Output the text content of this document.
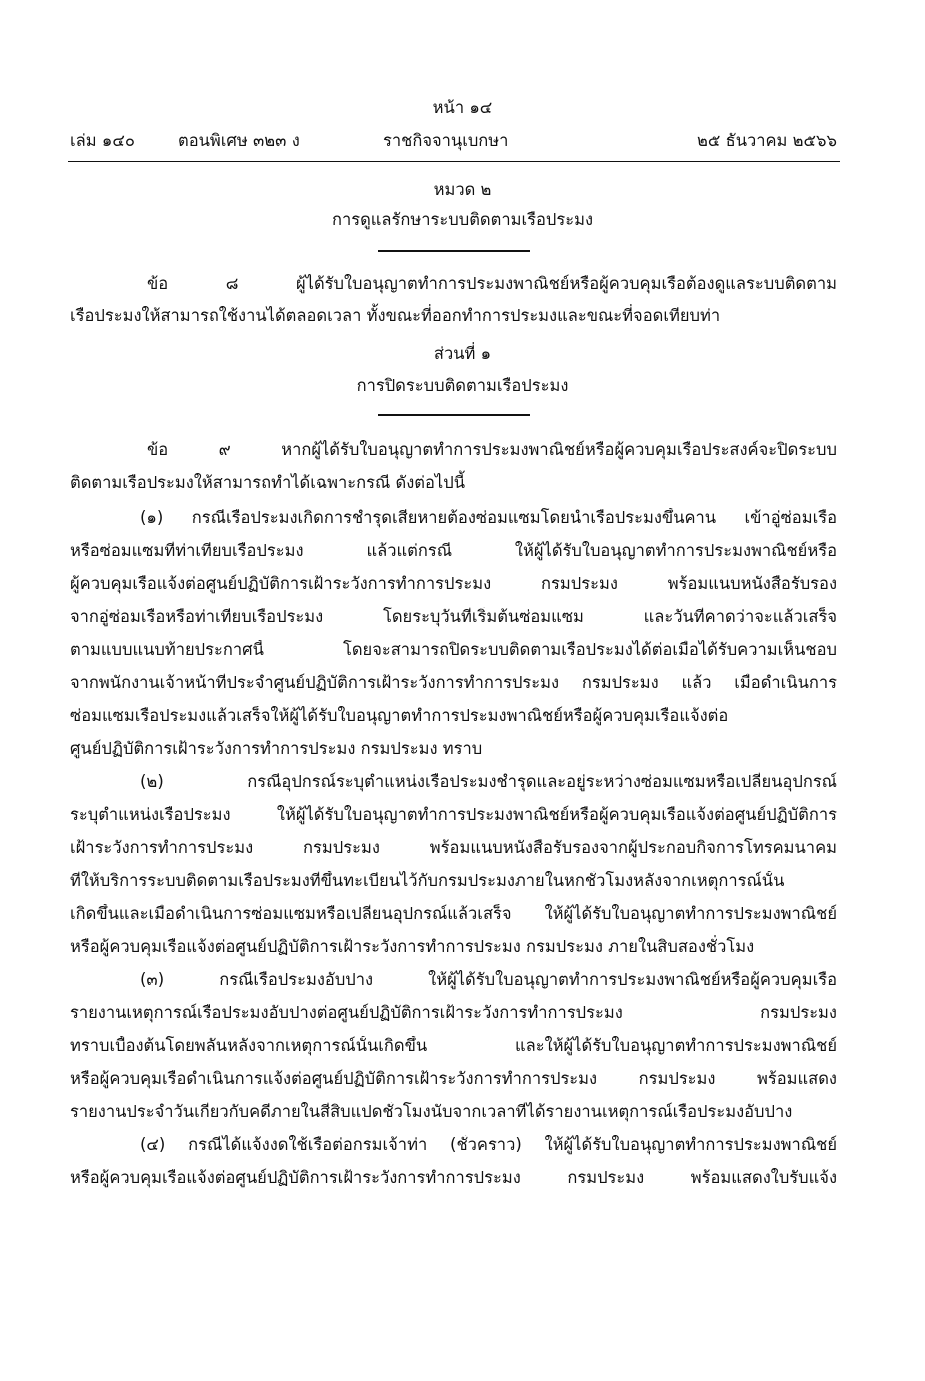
หน้า ๑๔
เล่ม ๑๔๐	ตอนพิเศษ ๓๒๓ ง	ราชกิจจานุเบกษา	๒๕ ธันวาคม ๒๕๖๖
หมวด ๒
การดูแลรักษาระบบติดตามเรือประมง
ข้อ ๘ ผู้ได้รับใบอนุญาตทำการประมงพาณิชย์หรือผู้ควบคุมเรือต้องดูแลระบบติดตาม
เรือประมงให้สามารถใช้งานได้ตลอดเวลา ทั้งขณะที่ออกทำการประมงและขณะที่จอดเทียบท่า
ส่วนที่ ๑
การปิดระบบติดตามเรือประมง
ข้อ ๙ หากผู้ได้รับใบอนุญาตทำการประมงพาณิชย์หรือผู้ควบคุมเรือประสงค์จะปิดระบบ
ติดตามเรือประมงให้สามารถทำได้เฉพาะกรณี ดังต่อไปนี้
(๑) กรณีเรือประมงเกิดการชำรุดเสียหายต้องซ่อมแซมโดยนำเรือประมงขึ้นคาน เข้าอู่ซ่อมเรือ
หรือซ่อมแซมที่ท่าเทียบเรือประมง แล้วแต่กรณี ให้ผู้ได้รับใบอนุญาตทำการประมงพาณิชย์หรือ
ผู้ควบคุมเรือแจ้งต่อศูนย์ปฏิบัติการเฝ้าระวังการทำการประมง กรมประมง พร้อมแนบหนังสือรับรอง
จากอู่ซ่อมเรือหรือท่าเทียบเรือประมง โดยระบุวันที่เริ่มต้นซ่อมแซม และวันที่คาดว่าจะแล้วเสร็จ
ตามแบบแนบท้ายประกาศนี้ โดยจะสามารถปิดระบบติดตามเรือประมงได้ต่อเมื่อได้รับความเห็นชอบ
จากพนักงานเจ้าหน้าที่ประจำศูนย์ปฏิบัติการเฝ้าระวังการทำการประมง กรมประมง แล้ว เมื่อดำเนินการ
ซ่อมแซมเรือประมงแล้วเสร็จให้ผู้ได้รับใบอนุญาตทำการประมงพาณิชย์หรือผู้ควบคุมเรือแจ้งต่อ
ศูนย์ปฏิบัติการเฝ้าระวังการทำการประมง กรมประมง ทราบ
(๒) กรณีอุปกรณ์ระบุตำแหน่งเรือประมงชำรุดและอยู่ระหว่างซ่อมแซมหรือเปลี่ยนอุปกรณ์
ระบุตำแหน่งเรือประมง ให้ผู้ได้รับใบอนุญาตทำการประมงพาณิชย์หรือผู้ควบคุมเรือแจ้งต่อศูนย์ปฏิบัติการ
เฝ้าระวังการทำการประมง กรมประมง พร้อมแนบหนังสือรับรองจากผู้ประกอบกิจการโทรคมนาคม
ที่ให้บริการระบบติดตามเรือประมงที่ขึ้นทะเบียนไว้กับกรมประมงภายในหกชั่วโมงหลังจากเหตุการณ์นั้น
เกิดขึ้นและเมื่อดำเนินการซ่อมแซมหรือเปลี่ยนอุปกรณ์แล้วเสร็จ ให้ผู้ได้รับใบอนุญาตทำการประมงพาณิชย์
หรือผู้ควบคุมเรือแจ้งต่อศูนย์ปฏิบัติการเฝ้าระวังการทำการประมง กรมประมง ภายในสิบสองชั่วโมง
(๓) กรณีเรือประมงอับปาง ให้ผู้ได้รับใบอนุญาตทำการประมงพาณิชย์หรือผู้ควบคุมเรือ
รายงานเหตุการณ์เรือประมงอับปางต่อศูนย์ปฏิบัติการเฝ้าระวังการทำการประมง กรมประมง
ทราบเบื้องต้นโดยพลันหลังจากเหตุการณ์นั้นเกิดขึ้น และให้ผู้ได้รับใบอนุญาตทำการประมงพาณิชย์
หรือผู้ควบคุมเรือดำเนินการแจ้งต่อศูนย์ปฏิบัติการเฝ้าระวังการทำการประมง กรมประมง พร้อมแสดง
รายงานประจำวันเกี่ยวกับคดีภายในสี่สิบแปดชั่วโมงนับจากเวลาที่ได้รายงานเหตุการณ์เรือประมงอับปาง
(๔) กรณีได้แจ้งงดใช้เรือต่อกรมเจ้าท่า (ชั่วคราว) ให้ผู้ได้รับใบอนุญาตทำการประมงพาณิชย์
หรือผู้ควบคุมเรือแจ้งต่อศูนย์ปฏิบัติการเฝ้าระวังการทำการประมง กรมประมง พร้อมแสดงใบรับแจ้ง
